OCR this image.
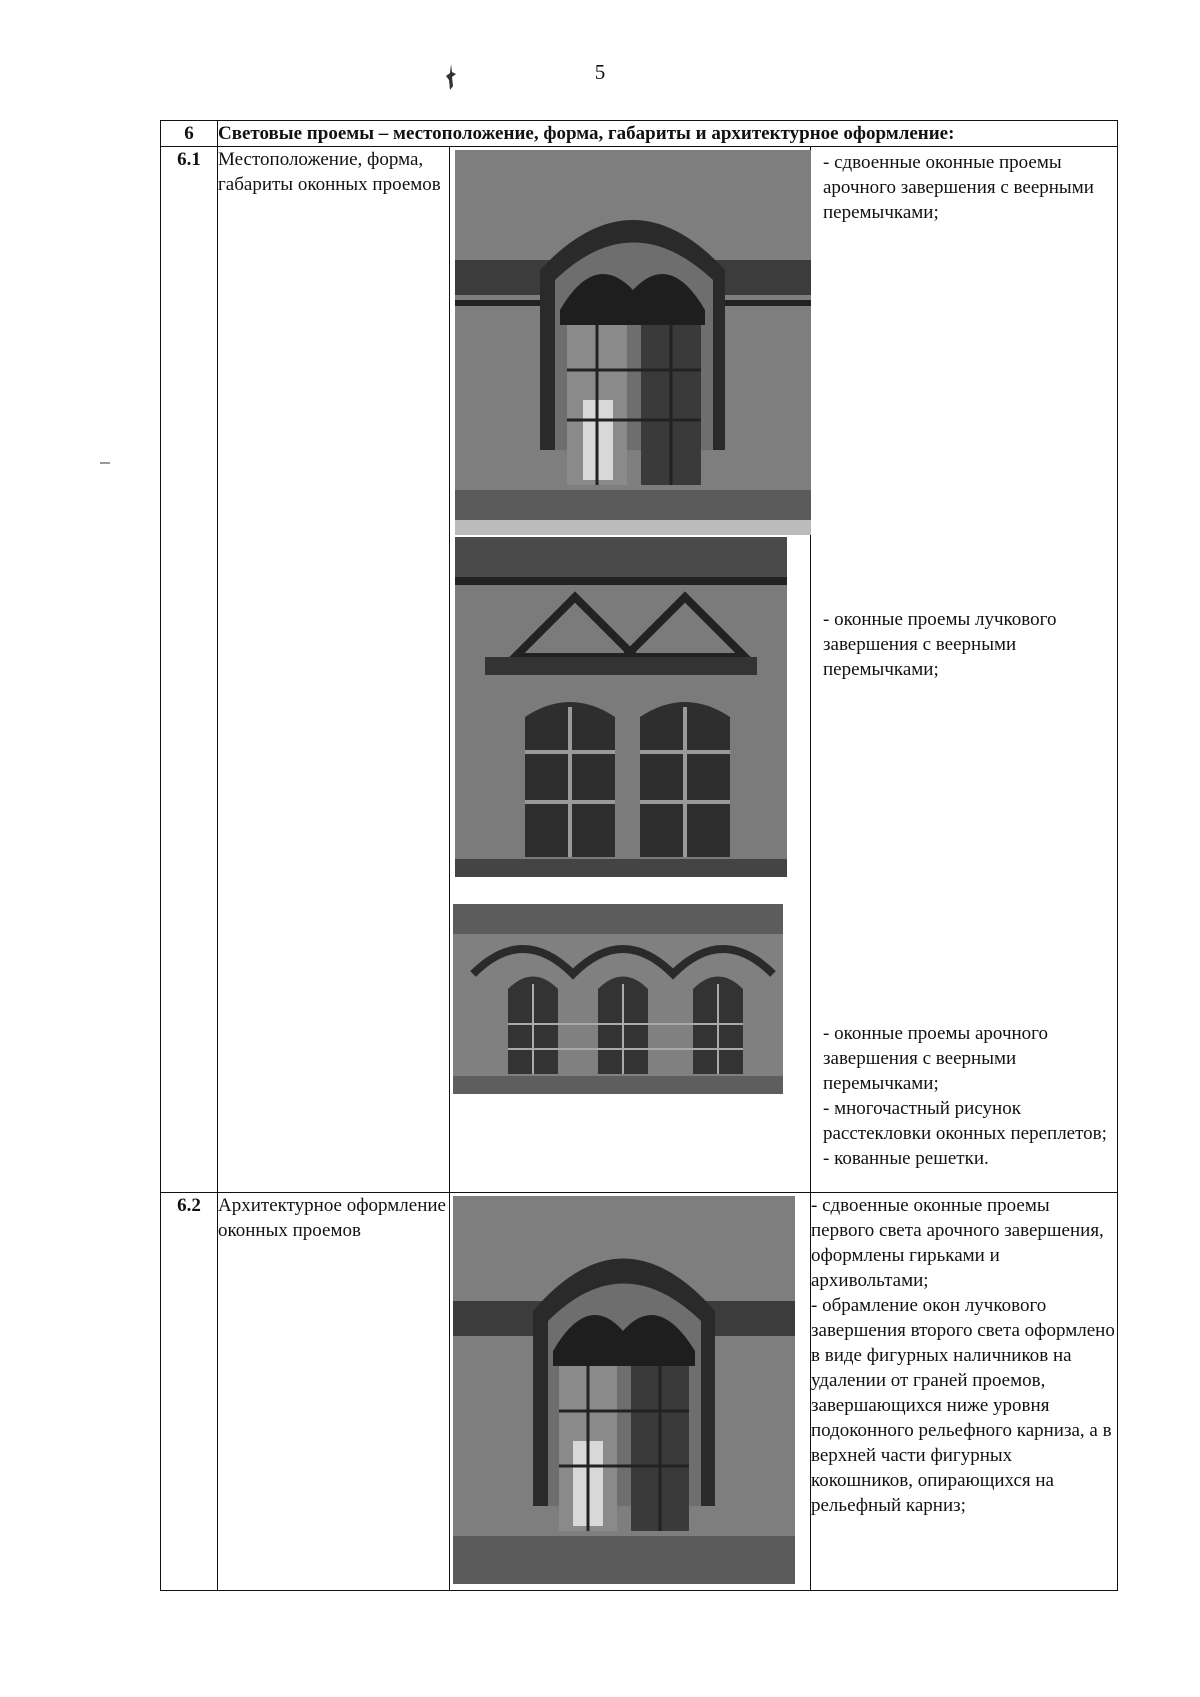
5
6	Световые проемы – местоположение, форма, габариты и архитектурное оформление:		
6.1	Местоположение, форма, габариты оконных проемов		- сдвоенные оконные проемы арочного завершения с веерными перемычками;
- оконные проемы лучкового завершения с веерными перемычками;
- оконные проемы арочного завершения с веерными перемычками;
- многочастный рисунок расстекловки оконных переплетов;
- кованные решетки.

6.2	Архитектурное оформление оконных проемов		- сдвоенные оконные проемы первого света арочного завершения, оформлены гирьками и архивольтами;
- обрамление окон лучкового завершения второго света оформлено в виде фигурных наличников на удалении от граней проемов, завершающихся ниже уровня подоконного рельефного карниза, а в верхней части фигурных кокошников, опирающихся на рельефный карниз;
